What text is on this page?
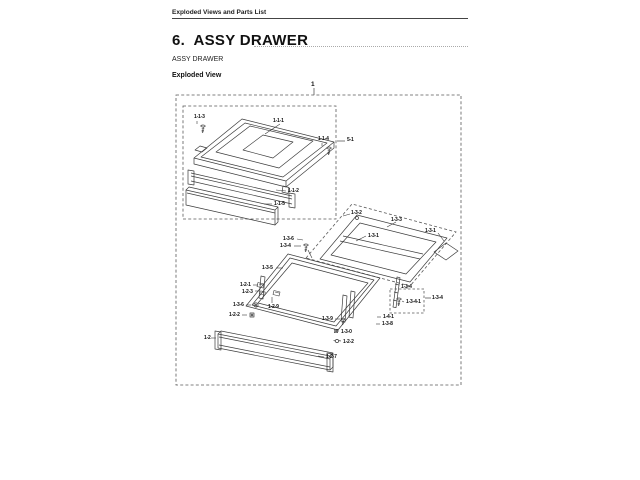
Exploded Views and Parts List
6.  ASSY DRAWER
ASSY DRAWER
Exploded View
1
1-1-3
1-1-1
1-1-4	5-1
1-1-2
1-1-5
1-3-2
1-3-3
1-3-1
1-3-1
1-3-6
1-3-4
1-3-5
1-2-1
1-2-3
1-3-6
1-2-2
1-2-9
1-2
1-3-9	1-4-1
1-3-8
1-3-0
1-2-2
1-2-7
1-3-4
1-3-4-1
1-3-4
